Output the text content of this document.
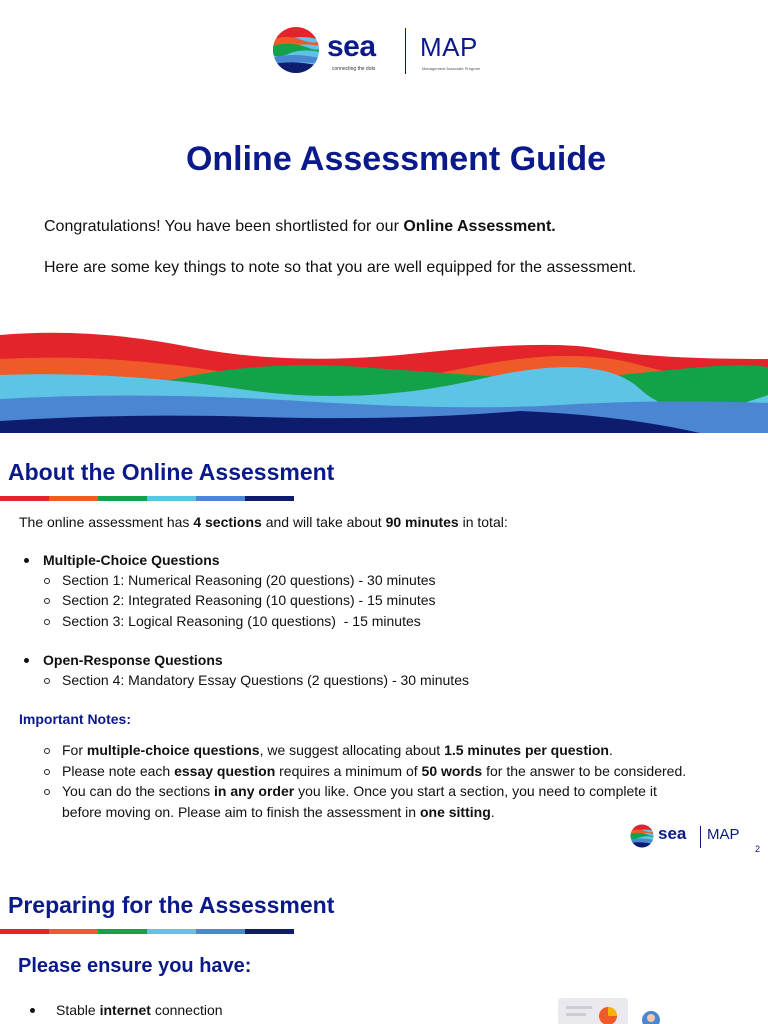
sea
connecting the dots
MAP
Management Associate Program
Online Assessment Guide
Congratulations! You have been shortlisted for our Online Assessment.
Here are some key things to note so that you are well equipped for the assessment.
About the Online Assessment
The online assessment has 4 sections and will take about 90 minutes in total:
Multiple-Choice Questions
Section 1: Numerical Reasoning (20 questions) - 30 minutes
Section 2: Integrated Reasoning (10 questions) - 15 minutes
Section 3: Logical Reasoning (10 questions)  - 15 minutes
Open-Response Questions
Section 4: Mandatory Essay Questions (2 questions) - 30 minutes
Important Notes:
For multiple-choice questions, we suggest allocating about 1.5 minutes per question.
Please note each essay question requires a minimum of 50 words for the answer to be considered.
You can do the sections in any order you like. Once you start a section, you need to complete it
before moving on. Please aim to finish the assessment in one sitting.
sea MAP
2
Preparing for the Assessment
Please ensure you have:
Stable internet connection
